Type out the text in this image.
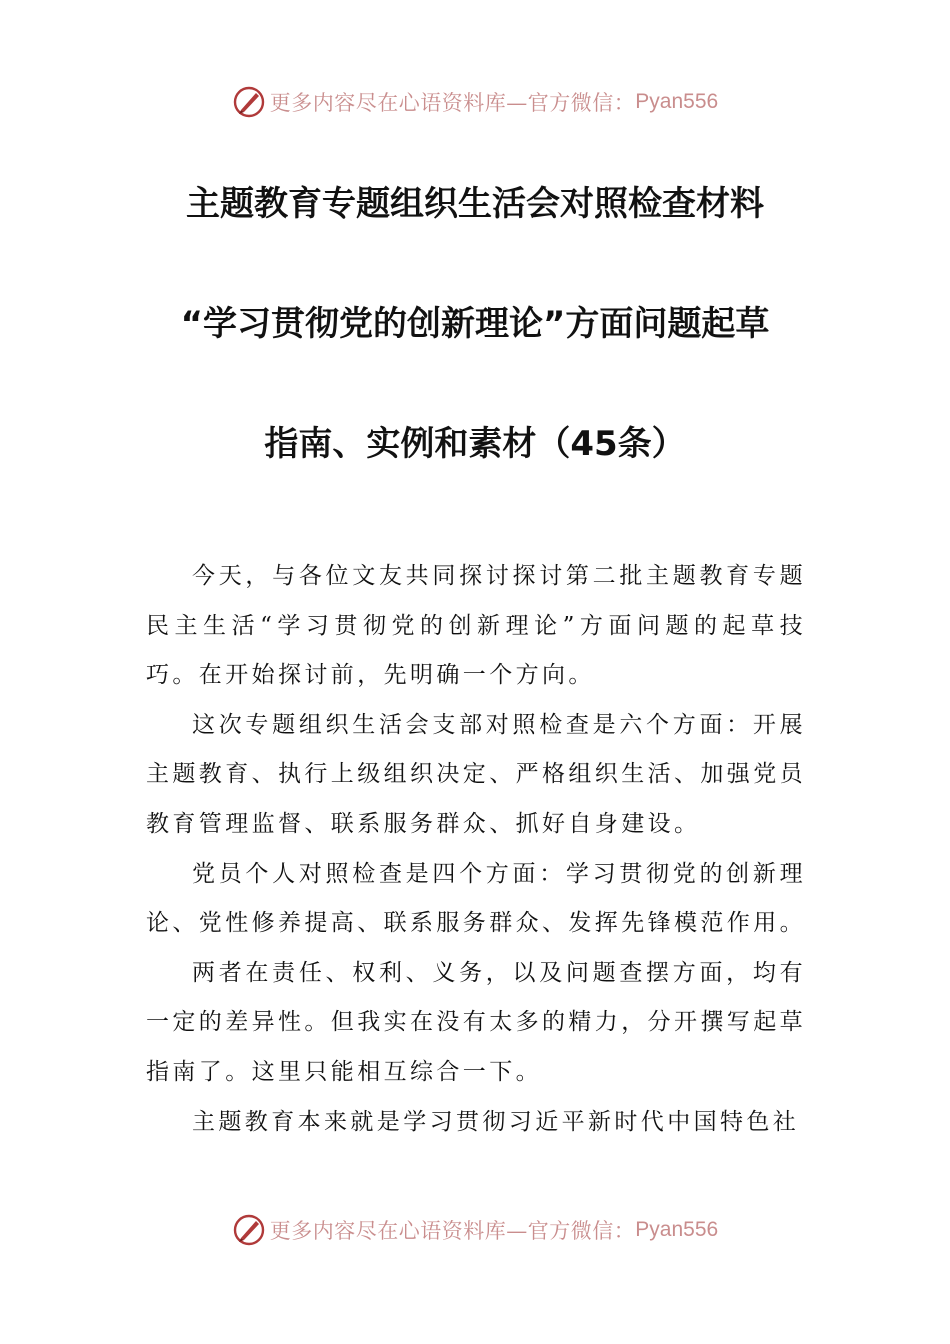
更多内容尽在心语资料库—官方微信： Pyan556
主题教育专题组织生活会对照检查材料
“学习贯彻党的创新理论”方面问题起草
指南、实例和素材（45条）

今天，与各位文友共同探讨探讨第二批主题教育专题民主生活“学习贯彻党的创新理论”方面问题的起草技巧。在开始探讨前，先明确一个方向。

这次专题组织生活会支部对照检查是六个方面：开展主题教育、执行上级组织决定、严格组织生活、加强党员教育管理监督、联系服务群众、抓好自身建设。

党员个人对照检查是四个方面：学习贯彻党的创新理论、党性修养提高、联系服务群众、发挥先锋模范作用。

两者在责任、权利、义务，以及问题查摆方面，均有一定的差异性。但我实在没有太多的精力，分开撰写起草指南了。这里只能相互综合一下。

主题教育本来就是学习贯彻习近平新时代中国特色社

更多内容尽在心语资料库—官方微信： Pyan556
